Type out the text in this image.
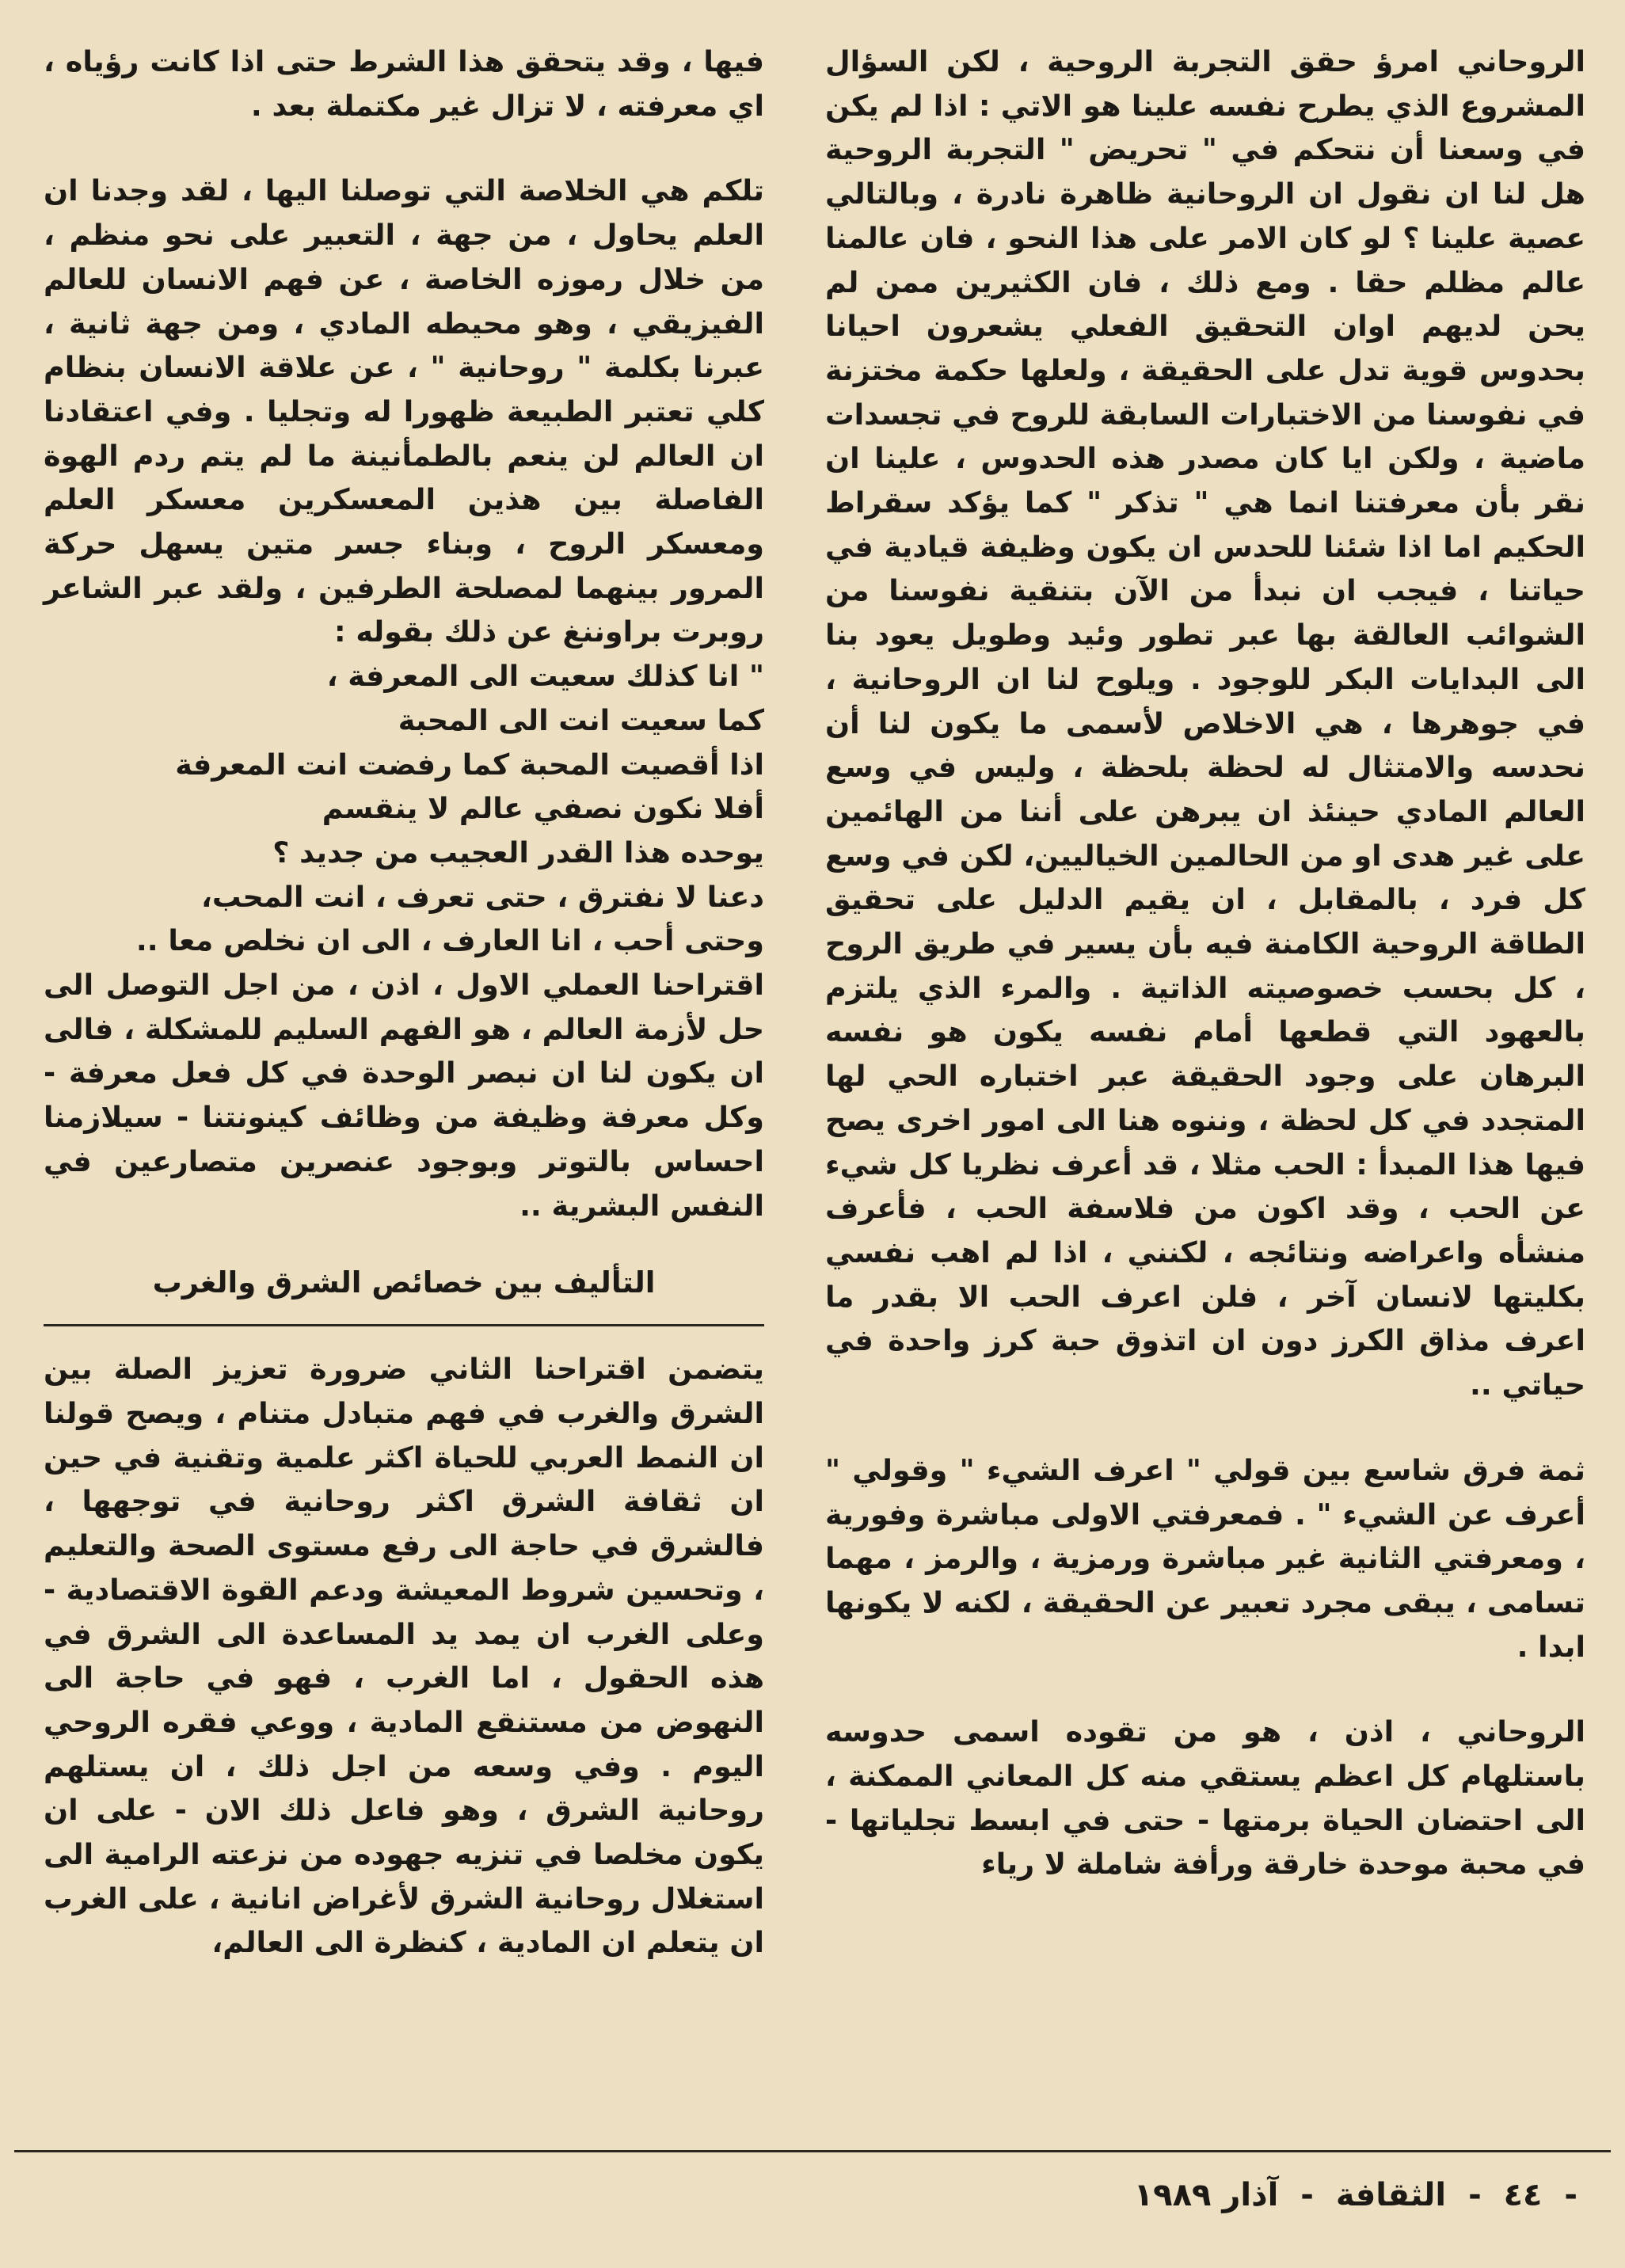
الروحاني امرؤ حقق التجربة الروحية ، لكن السؤال المشروع الذي يطرح نفسه علينا هو الاتي : اذا لم يكن في وسعنا أن نتحكم في " تحريض " التجربة الروحية هل لنا ان نقول ان الروحانية ظاهرة نادرة ، وبالتالي عصية علينا ؟ لو كان الامر على هذا النحو ، فان عالمنا عالم مظلم حقا . ومع ذلك ، فان الكثيرين ممن لم يحن لديهم اوان التحقيق الفعلي يشعرون احيانا بحدوس قوية تدل على الحقيقة ، ولعلها حكمة مختزنة في نفوسنا من الاختبارات السابقة للروح في تجسدات ماضية ، ولكن ايا كان مصدر هذه الحدوس ، علينا ان نقر بأن معرفتنا انما هي " تذكر " كما يؤكد سقراط الحكيم اما اذا شئنا للحدس ان يكون وظيفة قيادية في حياتنا ، فيجب ان نبدأ من الآن بتنقية نفوسنا من الشوائب العالقة بها عبر تطور وئيد وطويل يعود بنا الى البدايات البكر للوجود . ويلوح لنا ان الروحانية ، في جوهرها ، هي الاخلاص لأسمى ما يكون لنا أن نحدسه والامتثال له لحظة بلحظة ، وليس في وسع العالم المادي حينئذ ان يبرهن على أننا من الهائمين على غير هدى او من الحالمين الخياليين، لكن في وسع كل فرد ، بالمقابل ، ان يقيم الدليل على تحقيق الطاقة الروحية الكامنة فيه بأن يسير في طريق الروح ، كل بحسب خصوصيته الذاتية . والمرء الذي يلتزم بالعهود التي قطعها أمام نفسه يكون هو نفسه البرهان على وجود الحقيقة عبر اختباره الحي لها المتجدد في كل لحظة ، وننوه هنا الى امور اخرى يصح فيها هذا المبدأ : الحب مثلا ، قد أعرف نظريا كل شيء عن الحب ، وقد اكون من فلاسفة الحب ، فأعرف منشأه واعراضه ونتائجه ، لكنني ، اذا لم اهب نفسي بكليتها لانسان آخر ، فلن اعرف الحب الا بقدر ما اعرف مذاق الكرز دون ان اتذوق حبة كرز واحدة في حياتي ..

ثمة فرق شاسع بين قولي " اعرف الشيء " وقولي " أعرف عن الشيء " . فمعرفتي الاولى مباشرة وفورية ، ومعرفتي الثانية غير مباشرة ورمزية ، والرمز ، مهما تسامى ، يبقى مجرد تعبير عن الحقيقة ، لكنه لا يكونها ابدا .

الروحاني ، اذن ، هو من تقوده اسمى حدوسه باستلهام كل اعظم يستقي منه كل المعاني الممكنة ، الى احتضان الحياة برمتها - حتى في ابسط تجلياتها - في محبة موحدة خارقة ورأفة شاملة لا رياء

فيها ، وقد يتحقق هذا الشرط حتى اذا كانت رؤياه ، اي معرفته ، لا تزال غير مكتملة بعد .

تلكم هي الخلاصة التي توصلنا اليها ، لقد وجدنا ان العلم يحاول ، من جهة ، التعبير على نحو منظم ، من خلال رموزه الخاصة ، عن فهم الانسان للعالم الفيزيقي ، وهو محيطه المادي ، ومن جهة ثانية ، عبرنا بكلمة " روحانية " ، عن علاقة الانسان بنظام كلي تعتبر الطبيعة ظهورا له وتجليا . وفي اعتقادنا ان العالم لن ينعم بالطمأنينة ما لم يتم ردم الهوة الفاصلة بين هذين المعسكرين معسكر العلم ومعسكر الروح ، وبناء جسر متين يسهل حركة المرور بينهما لمصلحة الطرفين ، ولقد عبر الشاعر روبرت براوننغ عن ذلك بقوله :

" انا كذلك سعيت الى المعرفة ،

كما سعيت انت الى المحبة

اذا أقصيت المحبة كما رفضت انت المعرفة

أفلا نكون نصفي عالم لا ينقسم

يوحده هذا القدر العجيب من جديد ؟

دعنا لا نفترق ، حتى تعرف ، انت المحب،

وحتى أحب ، انا العارف ، الى ان نخلص معا ..

اقتراحنا العملي الاول ، اذن ، من اجل التوصل الى حل لأزمة العالم ، هو الفهم السليم للمشكلة ، فالى ان يكون لنا ان نبصر الوحدة في كل فعل معرفة - وكل معرفة وظيفة من وظائف كينونتنا - سيلازمنا احساس بالتوتر وبوجود عنصرين متصارعين في النفس البشرية ..

التأليف بين خصائص الشرق والغرب

يتضمن اقتراحنا الثاني ضرورة تعزيز الصلة بين الشرق والغرب في فهم متبادل متنام ، ويصح قولنا ان النمط العربي للحياة اكثر علمية وتقنية في حين ان ثقافة الشرق اكثر روحانية في توجهها ، فالشرق في حاجة الى رفع مستوى الصحة والتعليم ، وتحسين شروط المعيشة ودعم القوة الاقتصادية - وعلى الغرب ان يمد يد المساعدة الى الشرق في هذه الحقول ، اما الغرب ، فهو في حاجة الى النهوض من مستنقع المادية ، ووعي فقره الروحي اليوم . وفي وسعه من اجل ذلك ، ان يستلهم روحانية الشرق ، وهو فاعل ذلك الان - على ان يكون مخلصا في تنزيه جهوده من نزعته الرامية الى استغلال روحانية الشرق لأغراض انانية ، على الغرب ان يتعلم ان المادية ، كنظرة الى العالم،

- ٤٤ - الثقافة - آذار ١٩٨٩
